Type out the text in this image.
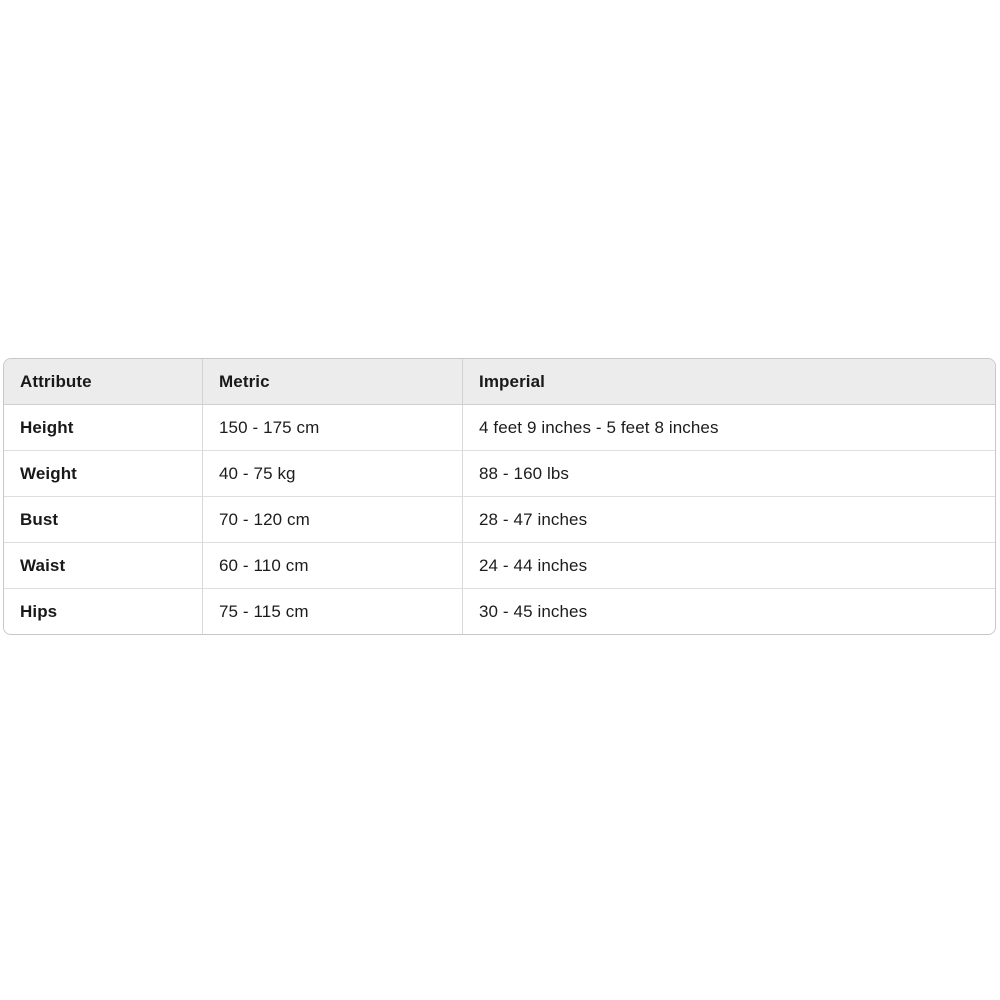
Attribute	Metric	Imperial
Height	150 - 175 cm	4 feet 9 inches - 5 feet 8 inches
Weight	40 - 75 kg	88 - 160 lbs
Bust	70 - 120 cm	28 - 47 inches
Waist	60 - 110 cm	24 - 44 inches
Hips	75 - 115 cm	30 - 45 inches
